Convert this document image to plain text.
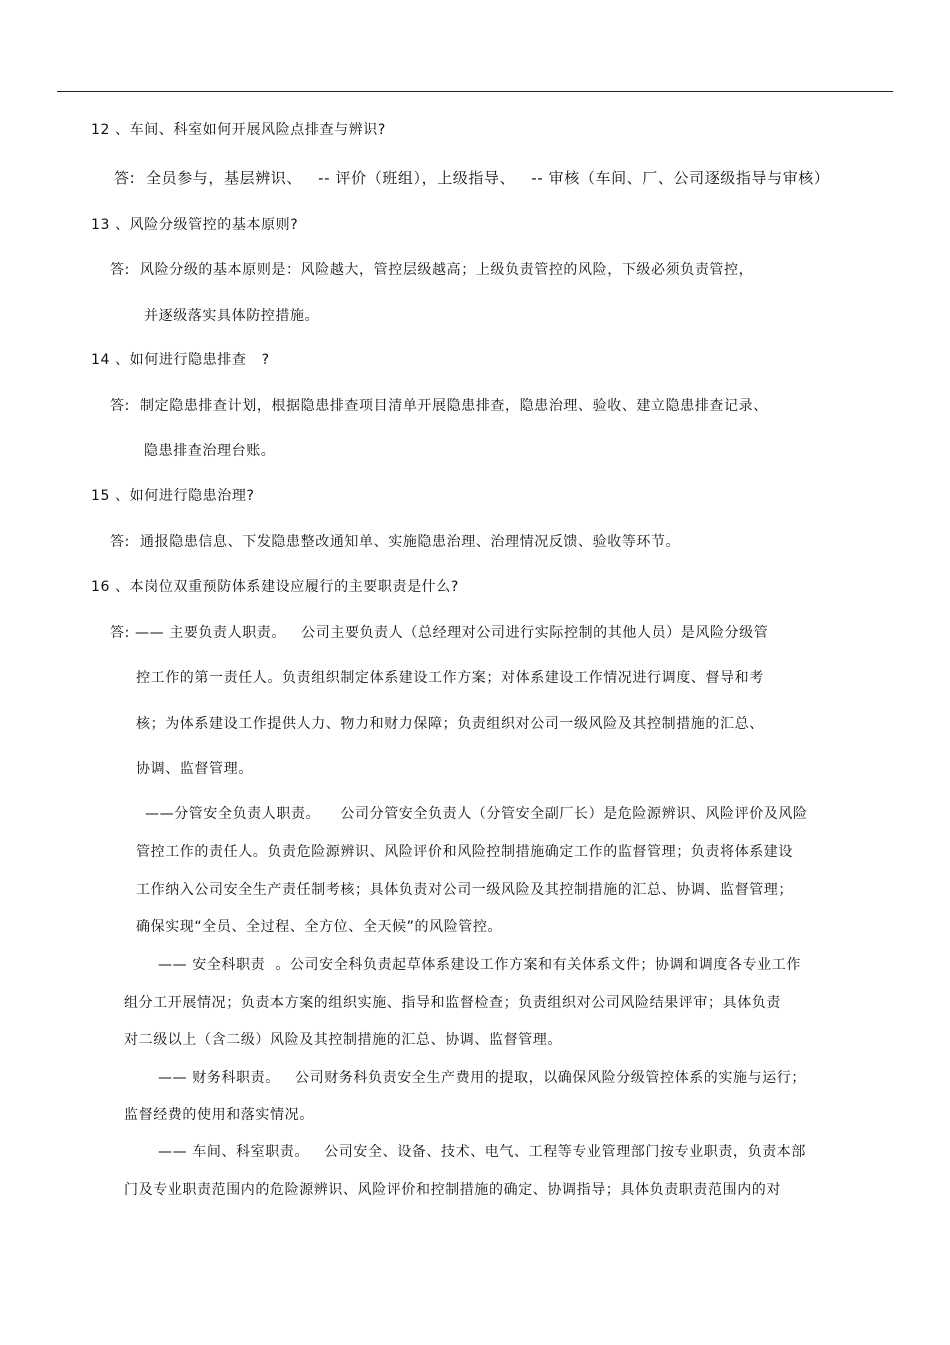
12 、车间、科室如何开展风险点排查与辨识?
答:  全员参与，基层辨识、   -- 评价（班组），上级指导、   -- 审核（车间、厂、公司逐级指导与审核）
13 、风险分级管控的基本原则?
答:  风险分级的基本原则是：风险越大，管控层级越高；上级负责管控的风险，下级必须负责管控，
并逐级落实具体防控措施。
14 、如何进行隐患排查   ?
答:  制定隐患排查计划，根据隐患排查项目清单开展隐患排查，隐患治理、验收、建立隐患排查记录、
隐患排查治理台账。
15 、如何进行隐患治理?
答:  通报隐患信息、下发隐患整改通知单、实施隐患治理、治理情况反馈、验收等环节。
16 、本岗位双重预防体系建设应履行的主要职责是什么?
答: —— 主要负责人职责。   公司主要负责人（总经理对公司进行实际控制的其他人员）是风险分级管
控工作的第一责任人。负责组织制定体系建设工作方案；对体系建设工作情况进行调度、督导和考
核；为体系建设工作提供人力、物力和财力保障；负责组织对公司一级风险及其控制措施的汇总、
协调、监督管理。
——分管安全负责人职责。    公司分管安全负责人（分管安全副厂长）是危险源辨识、风险评价及风险
管控工作的责任人。负责危险源辨识、风险评价和风险控制措施确定工作的监督管理；负责将体系建设
工作纳入公司安全生产责任制考核；具体负责对公司一级风险及其控制措施的汇总、协调、监督管理；
确保实现“全员、全过程、全方位、全天候”的风险管控。
—— 安全科职责  。公司安全科负责起草体系建设工作方案和有关体系文件；协调和调度各专业工作
组分工开展情况；负责本方案的组织实施、指导和监督检查；负责组织对公司风险结果评审；具体负责
对二级以上（含二级）风险及其控制措施的汇总、协调、监督管理。
—— 财务科职责。   公司财务科负责安全生产费用的提取，以确保风险分级管控体系的实施与运行；
监督经费的使用和落实情况。
—— 车间、科室职责。   公司安全、设备、技术、电气、工程等专业管理部门按专业职责，负责本部
门及专业职责范围内的危险源辨识、风险评价和控制措施的确定、协调指导；具体负责职责范围内的对
